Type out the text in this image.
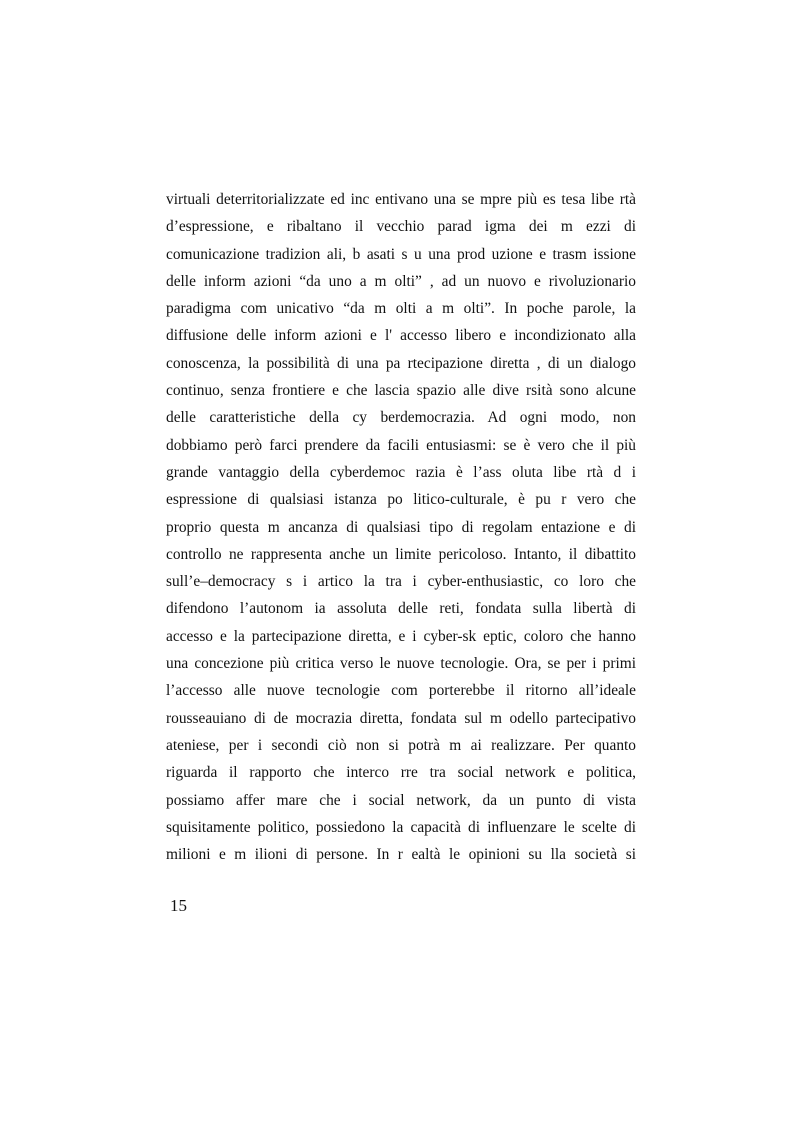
virtuali deterritorializzate ed inc entivano una se mpre più es tesa libe rtà
d’espressione, e ribaltano il vecchio parad igma dei m ezzi di
comunicazione tradizion ali, b asati s u una prod uzione e trasm issione
delle inform azioni “da uno a m olti” , ad un nuovo e rivoluzionario
paradigma com unicativo “da m olti a m olti”. In poche parole, la
diffusione delle inform azioni e l' accesso libero e incondizionato alla
conoscenza, la possibilità di una pa rtecipazione diretta , di un dialogo
continuo, senza frontiere e che lascia spazio alle dive rsità sono alcune
delle caratteristiche della cy berdemocrazia. Ad ogni modo, non
dobbiamo però farci prendere da facili entusiasmi: se è vero che il più
grande vantaggio della cyberdemoc razia è l’ass oluta libe rtà d i
espressione di qualsiasi istanza po litico-culturale, è pu r vero che
proprio questa m ancanza di qualsiasi tipo di regolam entazione e di
controllo ne rappresenta anche un limite pericoloso. Intanto, il dibattito
sull’e–democracy s i artico la tra i cyber-enthusiastic, co loro che
difendono l’autonom ia assoluta delle reti, fondata sulla libertà di
accesso e la partecipazione diretta, e i cyber-sk eptic, coloro che hanno
una concezione più critica verso le nuove tecnologie. Ora, se per i primi
l’accesso alle nuove tecnologie com porterebbe il ritorno all’ideale
rousseauiano di de mocrazia diretta, fondata sul m odello partecipativo
ateniese, per i secondi ciò non si potrà m ai realizzare. Per quanto
riguarda il rapporto che interco rre tra social network e politica,
possiamo affer mare che i social network, da un punto di vista
squisitamente politico, possiedono la capacità di influenzare le scelte di
milioni e m ilioni di persone. In r ealtà le opinioni su lla società si
15
